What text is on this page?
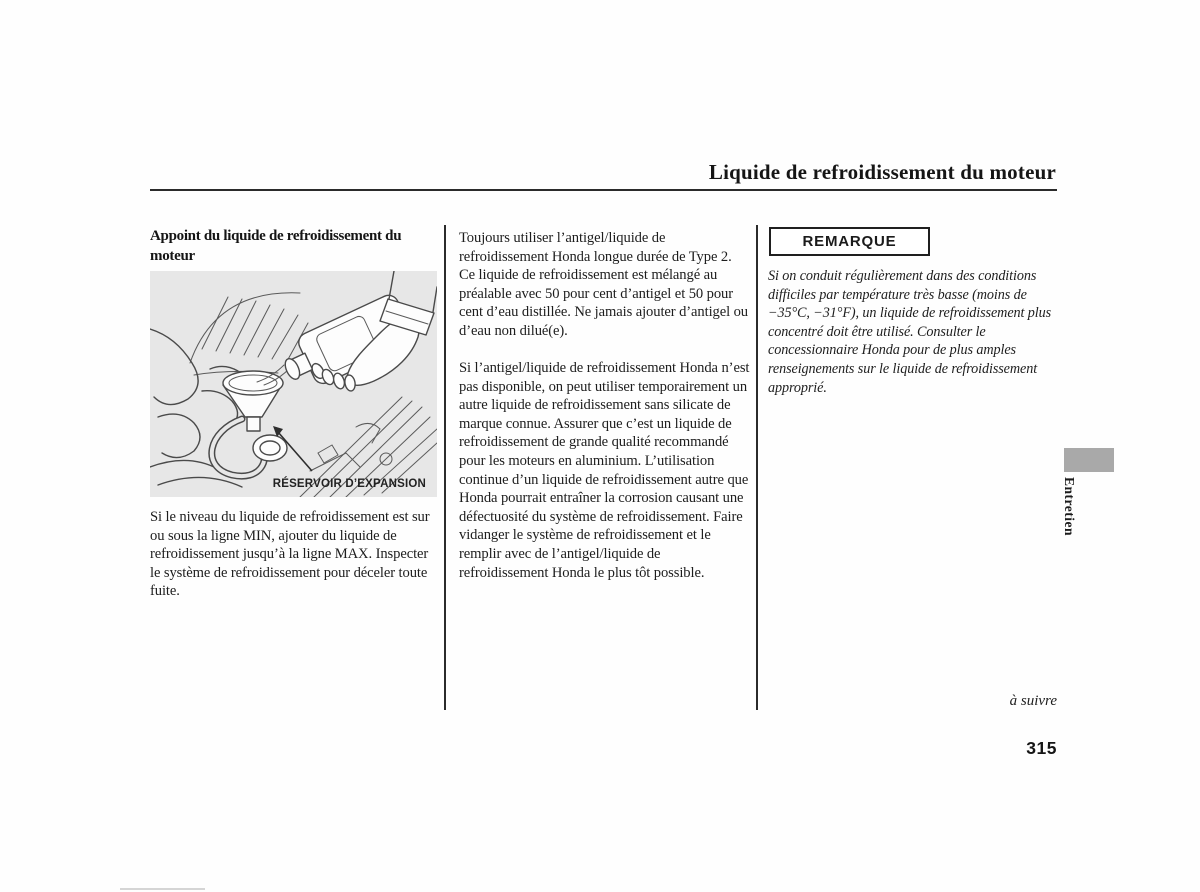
Liquide de refroidissement du moteur
Appoint du liquide de refroidissement du moteur
RÉSERVOIR D’EXPANSION
Si le niveau du liquide de refroidissement est sur ou sous la ligne MIN, ajouter du liquide de refroidissement jusqu’à la ligne MAX. Inspecter le système de refroidissement pour déceler toute fuite.
Toujours utiliser l’antigel/liquide de refroidissement Honda longue durée de Type 2. Ce liquide de refroidissement est mélangé au préalable avec 50 pour cent d’antigel et 50 pour cent d’eau distillée. Ne jamais ajouter d’antigel ou d’eau non dilué(e).
Si l’antigel/liquide de refroidissement Honda n’est pas disponible, on peut utiliser temporairement un autre liquide de refroidissement sans silicate de marque connue. Assurer que c’est un liquide de refroidissement de grande qualité recommandé pour les moteurs en aluminium. L’utilisation continue d’un liquide de refroidissement autre que Honda pourrait entraîner la corrosion causant une défectuosité du système de refroidissement. Faire vidanger le système de refroidissement et le remplir avec de l’antigel/liquide de refroidissement Honda le plus tôt possible.
REMARQUE
Si on conduit régulièrement dans des conditions difficiles par température très basse (moins de −35°C, −31°F), un liquide de refroidissement plus concentré doit être utilisé. Consulter le concessionnaire Honda pour de plus amples renseignements sur le liquide de refroidissement approprié.
Entretien
à suivre
315
